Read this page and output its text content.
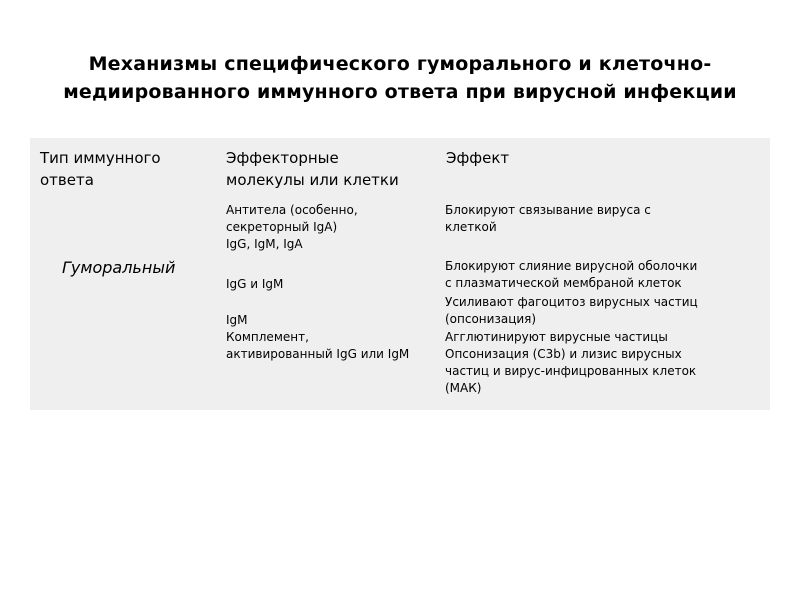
Механизмы специфического гуморального и клеточно-
медиированного иммунного ответа при вирусной инфекции
Тип иммунного
ответа
Эффекторные
молекулы или клетки
Эффект
Гуморальный
Антитела (особенно,
секреторный IgA)
IgG, IgM, IgA
IgG и IgM
IgM
Комплемент,
активированный IgG или IgM
Блокируют связывание вируса с
клеткой
Блокируют слияние вирусной оболочки
с плазматической мембраной клеток
Усиливают фагоцитоз вирусных частиц
(опсонизация)
Агглютинируют вирусные частицы
Опсонизация (С3b) и лизис вирусных
частиц и вирус-инфицрованных клеток
(МАК)
